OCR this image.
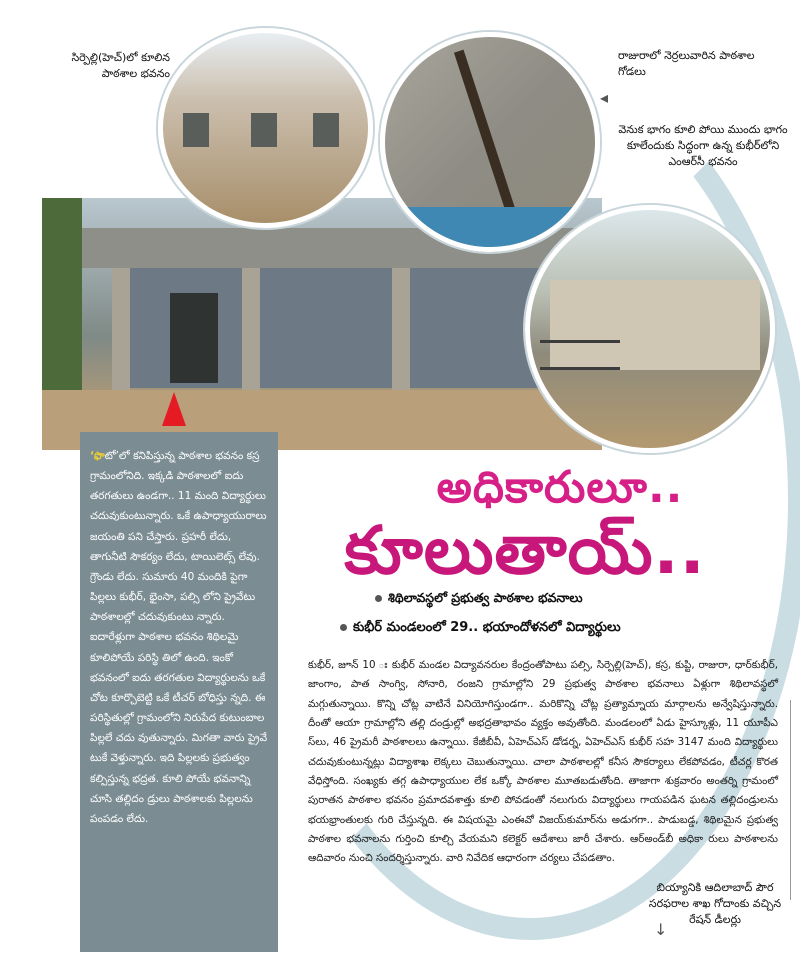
సిర్పెల్లి(హెచ్)లో కూలిన పాఠశాల భవనం
రాజురాలో నెర్రలువారిన పాఠశాల గోడలు
◂
వెనుక భాగం కూలి పోయి ముందు భాగం కూలేందుకు సిద్ధంగా ఉన్న కుభీర్‌లోని ఎంఆర్‌సీ భవనం
‘ఫొటో’లో కనిపిస్తున్న పాఠశాల భవనం కస్ర గ్రామంలోనిది. ఇక్కడి పాఠశాలలో ఐదు తరగతులు ఉండగా.. 11 మంది విద్యార్థులు చదువుకుంటున్నారు. ఒకే ఉపాధ్యాయురాలు జయంతి పని చేస్తారు. ప్రహరీ లేదు, తాగునీటి సౌకర్యం లేదు, టాయిలెట్స్ లేవు. గ్రౌండు లేదు. సుమారు 40 మందికి పైగా పిల్లలు కుభీర్, భైంసా, పల్సి లోని ప్రైవేటు పాఠశాలల్లో చదువుకుంటు న్నారు. ఐదారేళ్లుగా పాఠశాల భవనం శిథిలమై కూలిపోయే పరిస్థి తిలో ఉంది. ఇంకో భవనంలో ఐదు తరగతుల విద్యార్థులను ఒకే చోట కూర్చొబెట్టి ఒకే టీచర్ బోధిస్తు న్నది. ఈ పరిస్థితుల్లో గ్రామంలోని నిరుపేద కుటుంబాల పిల్లలే చదు వుతున్నారు. మిగతా వారు ప్రైవే టుకే వెళ్తున్నారు. ఇది పిల్లలకు ప్రభుత్వం కల్పిస్తున్న భద్రత. కూలి పోయే భవనాన్ని చూసి తల్లిదం డ్రులు పాఠశాలకు పిల్లలను పంపడం లేదు.
అధికారులూ..
కూలుతాయ్..
శిథిలావస్థలో ప్రభుత్వ పాఠశాల భవనాలు
కుభీర్ మండలంలో 29.. భయాందోళనలో విద్యార్థులు

కుభీర్, జూన్ 10 ః కుభీర్ మండల విద్యావనరుల కేంద్రంతోపాటు పల్సి, సిర్పెల్లి(హెచ్), కస్ర, కుప్టి, రాజురా, ధార్‌కుభీర్, జాంగాం, పాత సాంగ్వి, సోనారి, రంజని గ్రామాల్లోని 29 ప్రభుత్వ పాఠశాల భవనాలు ఏళ్లుగా శిథిలావస్థలో మగ్గుతున్నాయి. కొన్ని చోట్ల వాటినే వినియోగిస్తుండగా.. మరికొన్ని చోట్ల ప్రత్యామ్నాయ మార్గాలను అన్వేషిస్తున్నారు. దీంతో ఆయా గ్రామాల్లోని తల్లి దండ్రుల్లో అభద్రతాభావం వ్యక్తం అవుతోంది. మండలంలో ఏడు హైస్కూళ్లు, 11 యూపీఎ స్‌లు, 46 ప్రైమరీ పాఠశాలలు ఉన్నాయి. కేజీబీవీ, ఏహెచ్‌ఎస్ డోడర్న, ఏహెచ్‌ఎస్ కుభీర్ సహ 3147 మంది విద్యార్థులు చదువుకుంటున్నట్లు విద్యాశాఖ లెక్కలు చెబుతున్నాయి. చాలా పాఠశాలల్లో కనీస సౌకర్యాలు లేకపోవడం, టీచర్ల కొరత వేధిస్తోంది. సంఖ్యకు తగ్గ ఉపాధ్యాయుల లేక ఒక్కో పాఠశాల మూతబడుతోంది. తాజాగా శుక్రవారం అంతర్ని గ్రామంలో పురాతన పాఠశాల భవనం ప్రమాదవశాత్తు కూలి పోవడంతో నలుగురు విద్యార్థులు గాయపడిన ఘటన తల్లిదండ్రులను భయభ్రాంతులకు గురి చేస్తున్నది. ఈ విషయమై ఎంఈవో విజయ్‌కుమార్‌ను అడుగగా.. పాడుబడ్డ, శిథిలమైన ప్రభుత్వ పాఠశాల భవనాలను గుర్తించి కూల్చి వేయమని కలెక్టర్ ఆదేశాలు జారీ చేశారు. ఆర్‌అండ్‌బీ అధికా రులు పాఠశాలను ఆదివారం నుంచి సందర్శిస్తున్నారు. వారి నివేదిక ఆధారంగా చర్యలు చేపడతాం.

↓
బియ్యానికి ఆదిలాబాద్ పౌర సరఫరాల శాఖ గోదాంకు వచ్చిన రేషన్ డీలర్లు
